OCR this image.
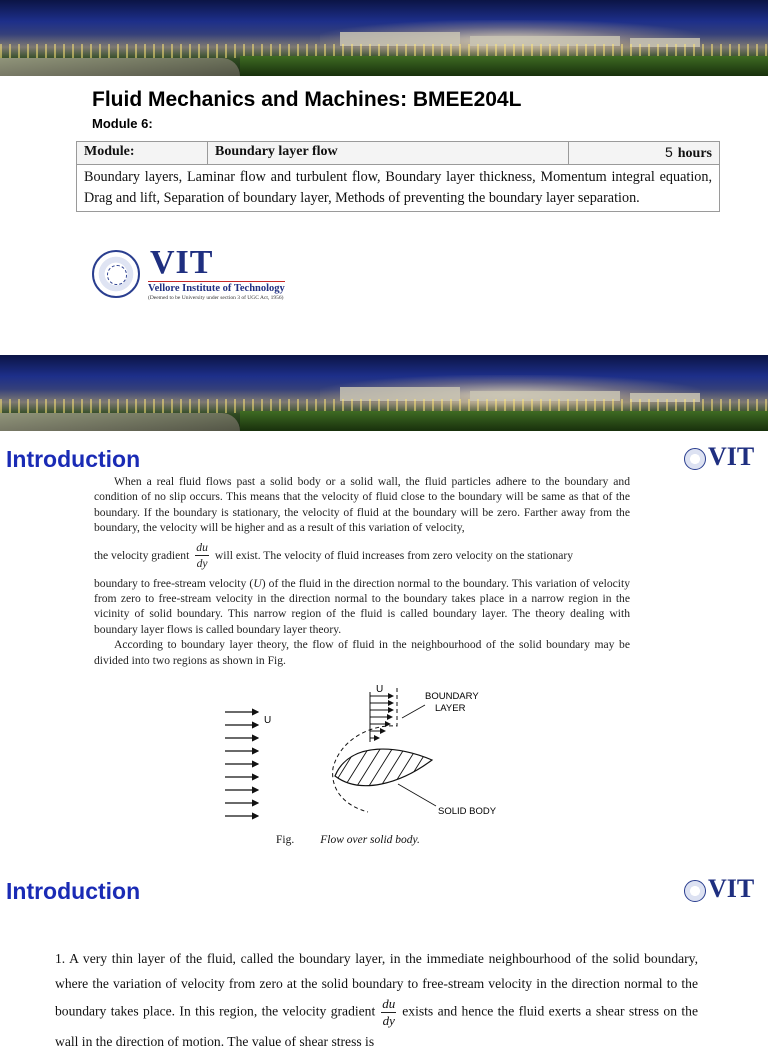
Fluid Mechanics and Machines: BMEE204L
Module 6:
Module:	Boundary layer flow	5 hours
Boundary layers, Laminar flow and turbulent flow, Boundary layer thickness, Momentum integral equation, Drag and lift, Separation of boundary layer, Methods of preventing the boundary layer separation.
VIT
Vellore Institute of Technology
(Deemed to be University under section 3 of UGC Act, 1956)
Introduction	VIT

When a real fluid flows past a solid body or a solid wall, the fluid particles adhere to the boundary and condition of no slip occurs. This means that the velocity of fluid close to the boundary will be same as that of the boundary. If the boundary is stationary, the velocity of fluid at the boundary will be zero. Farther away from the boundary, the velocity will be higher and as a result of this variation of velocity,

the velocity gradient $\frac{du}{dy}$ will exist. The velocity of fluid increases from zero velocity on the stationary

boundary to free-stream velocity (U) of the fluid in the direction normal to the boundary. This variation of velocity from zero to free-stream velocity in the direction normal to the boundary takes place in a narrow region in the vicinity of solid boundary. This narrow region of the fluid is called boundary layer. The theory dealing with boundary layer flows is called boundary layer theory.

According to boundary layer theory, the flow of fluid in the neighbourhood of the solid boundary may be divided into two regions as shown in Fig.

U
U
BOUNDARY
LAYER
SOLID BODY
Fig. Flow over solid body.
Introduction	VIT
1. A very thin layer of the fluid, called the boundary layer, in the immediate neighbourhood of the solid boundary, where the variation of velocity from zero at the solid boundary to free-stream velocity in the direction normal to the boundary takes place. In this region, the velocity gradient $\frac{du}{dy}$ exists and hence the fluid exerts a shear stress on the wall in the direction of motion. The value of shear stress is
